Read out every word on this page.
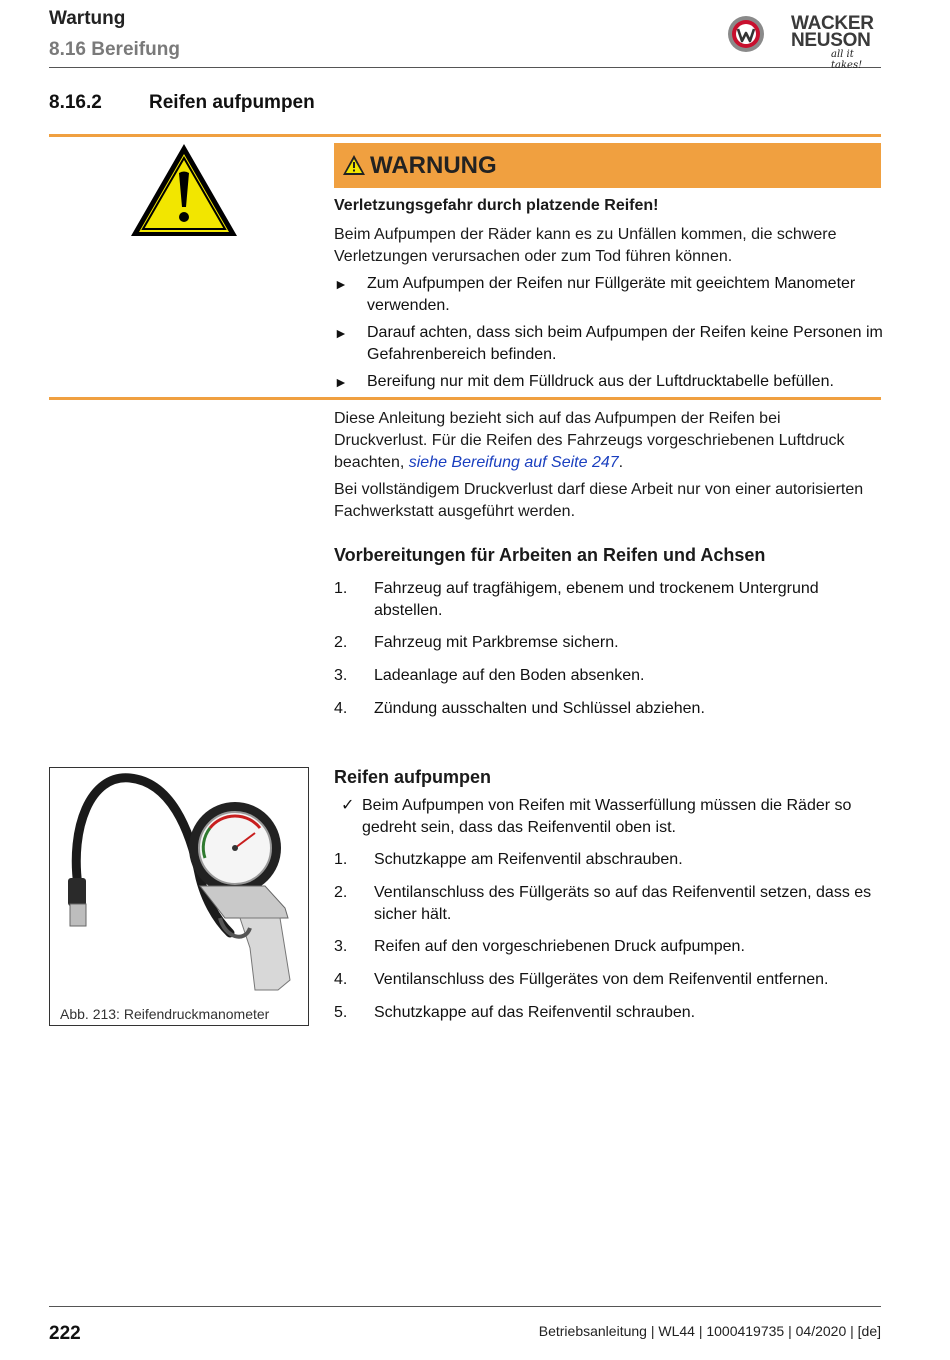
Wartung
8.16 Bereifung
WACKER
NEUSON
all it takes!
8.16.2 Reifen aufpumpen
WARNUNG
Verletzungsgefahr durch platzende Reifen!
Beim Aufpumpen der Räder kann es zu Unfällen kommen, die schwere Verletzungen verursachen oder zum Tod führen können.
► Zum Aufpumpen der Reifen nur Füllgeräte mit geeichtem Manometer verwenden.
► Darauf achten, dass sich beim Aufpumpen der Reifen keine Personen im Gefahrenbereich befinden.
► Bereifung nur mit dem Fülldruck aus der Luftdrucktabelle befüllen.
Diese Anleitung bezieht sich auf das Aufpumpen der Reifen bei Druckverlust. Für die Reifen des Fahrzeugs vorgeschriebenen Luftdruck beachten, siehe Bereifung auf Seite 247.
Bei vollständigem Druckverlust darf diese Arbeit nur von einer autorisierten Fachwerkstatt ausgeführt werden.
Vorbereitungen für Arbeiten an Reifen und Achsen
1. Fahrzeug auf tragfähigem, ebenem und trockenem Untergrund abstellen.
2. Fahrzeug mit Parkbremse sichern.
3. Ladeanlage auf den Boden absenken.
4. Zündung ausschalten und Schlüssel abziehen.
Abb. 213: Reifendruckmanometer
Reifen aufpumpen
✓ Beim Aufpumpen von Reifen mit Wasserfüllung müssen die Räder so gedreht sein, dass das Reifenventil oben ist.
1. Schutzkappe am Reifenventil abschrauben.
2. Ventilanschluss des Füllgeräts so auf das Reifenventil setzen, dass es sicher hält.
3. Reifen auf den vorgeschriebenen Druck aufpumpen.
4. Ventilanschluss des Füllgerätes von dem Reifenventil entfernen.
5. Schutzkappe auf das Reifenventil schrauben.
222	Betriebsanleitung | WL44 | 1000419735 | 04/2020 | [de]
